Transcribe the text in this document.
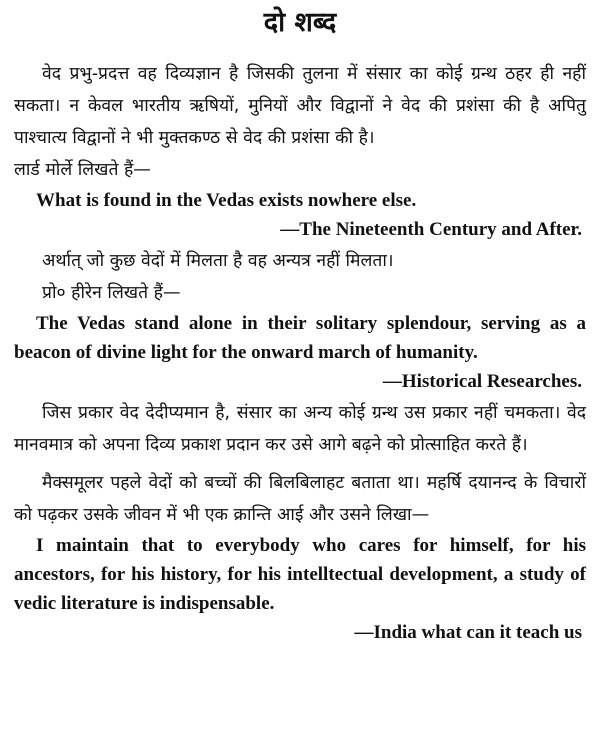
दो शब्द

वेद प्रभु-प्रदत्त वह दिव्यज्ञान है जिसकी तुलना में संसार का कोई ग्रन्थ ठहर ही नहीं सकता। न केवल भारतीय ऋषियों, मुनियों और विद्वानों ने वेद की प्रशंसा की है अपितु पाश्चात्य विद्वानों ने भी मुक्तकण्ठ से वेद की प्रशंसा की है।

लार्ड मोर्ले लिखते हैं—

What is found in the Vedas exists nowhere else.

—The Nineteenth Century and After.

अर्थात् जो कुछ वेदों में मिलता है वह अन्यत्र नहीं मिलता।

प्रो० हीरेन लिखते हैं—

The Vedas stand alone in their solitary splendour, serving as a beacon of divine light for the onward march of humanity.

—Historical Researches.

जिस प्रकार वेद देदीप्यमान है, संसार का अन्य कोई ग्रन्थ उस प्रकार नहीं चमकता। वेद मानवमात्र को अपना दिव्य प्रकाश प्रदान कर उसे आगे बढ़ने को प्रोत्साहित करते हैं।

मैक्समूलर पहले वेदों को बच्चों की बिलबिलाहट बताता था। महर्षि दयानन्द के विचारों को पढ़कर उसके जीवन में भी एक क्रान्ति आई और उसने लिखा—

I maintain that to everybody who cares for himself, for his ancestors, for his history, for his intelltectual development, a study of vedic literature is indispensable.

—India what can it teach us
